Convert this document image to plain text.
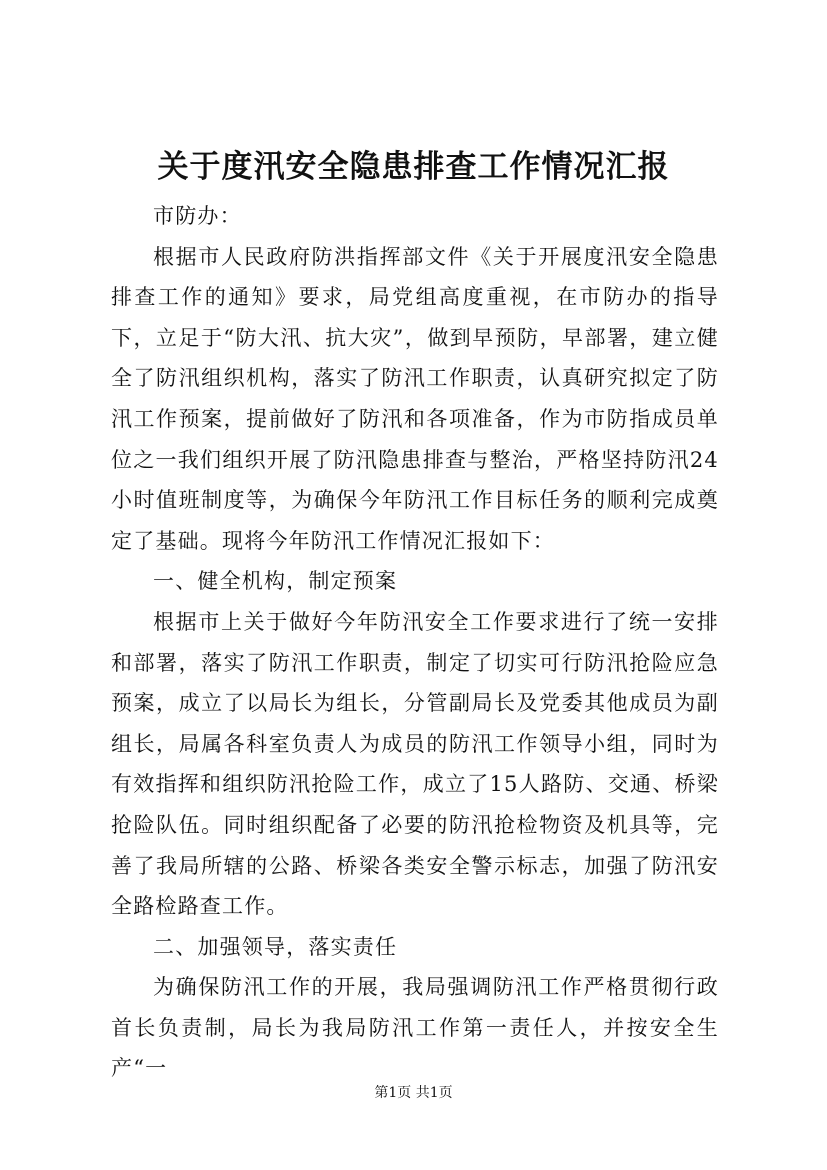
关于度汛安全隐患排查工作情况汇报

市防办：

根据市人民政府防洪指挥部文件《关于开展度汛安全隐患排查工作的通知》要求，局党组高度重视，在市防办的指导下，立足于“防大汛、抗大灾”，做到早预防，早部署，建立健全了防汛组织机构，落实了防汛工作职责，认真研究拟定了防汛工作预案，提前做好了防汛和各项准备，作为市防指成员单位之一我们组织开展了防汛隐患排查与整治，严格坚持防汛24小时值班制度等，为确保今年防汛工作目标任务的顺利完成奠定了基础。现将今年防汛工作情况汇报如下：

一、健全机构，制定预案

根据市上关于做好今年防汛安全工作要求进行了统一安排和部署，落实了防汛工作职责，制定了切实可行防汛抢险应急预案，成立了以局长为组长，分管副局长及党委其他成员为副组长，局属各科室负责人为成员的防汛工作领导小组，同时为有效指挥和组织防汛抢险工作，成立了15人路防、交通、桥梁抢险队伍。同时组织配备了必要的防汛抢检物资及机具等，完善了我局所辖的公路、桥梁各类安全警示标志，加强了防汛安全路检路查工作。

二、加强领导，落实责任

为确保防汛工作的开展，我局强调防汛工作严格贯彻行政首长负责制，局长为我局防汛工作第一责任人，并按安全生产“一

第1页 共1页
